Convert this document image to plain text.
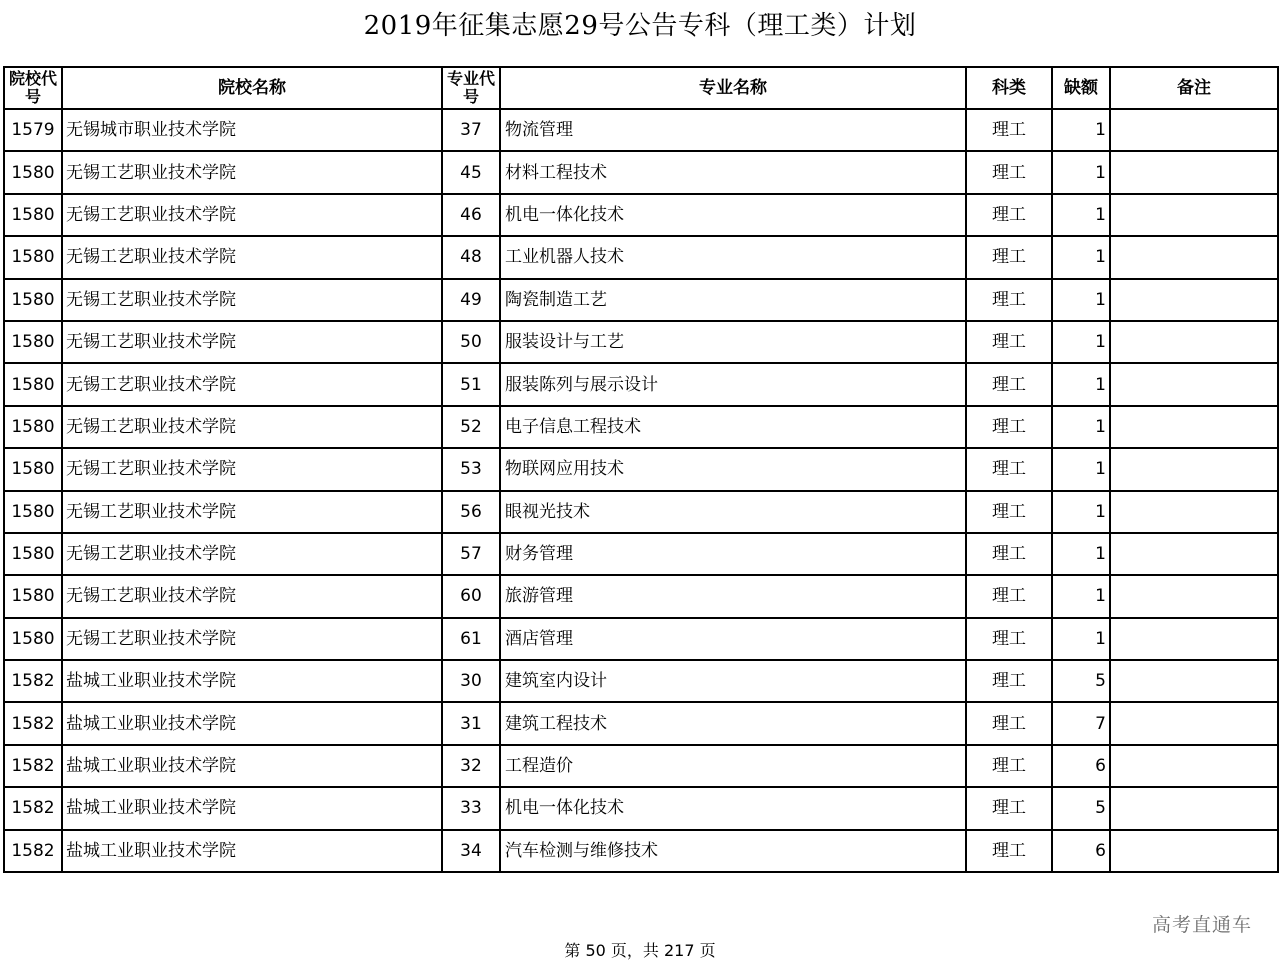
2019年征集志愿29号公告专科（理工类）计划
院校代号	院校名称	专业代号	专业名称	科类	缺额	备注
1579	无锡城市职业技术学院	37	物流管理	理工	1	
1580	无锡工艺职业技术学院	45	材料工程技术	理工	1	
1580	无锡工艺职业技术学院	46	机电一体化技术	理工	1	
1580	无锡工艺职业技术学院	48	工业机器人技术	理工	1	
1580	无锡工艺职业技术学院	49	陶瓷制造工艺	理工	1	
1580	无锡工艺职业技术学院	50	服装设计与工艺	理工	1	
1580	无锡工艺职业技术学院	51	服装陈列与展示设计	理工	1	
1580	无锡工艺职业技术学院	52	电子信息工程技术	理工	1	
1580	无锡工艺职业技术学院	53	物联网应用技术	理工	1	
1580	无锡工艺职业技术学院	56	眼视光技术	理工	1	
1580	无锡工艺职业技术学院	57	财务管理	理工	1	
1580	无锡工艺职业技术学院	60	旅游管理	理工	1	
1580	无锡工艺职业技术学院	61	酒店管理	理工	1	
1582	盐城工业职业技术学院	30	建筑室内设计	理工	5	
1582	盐城工业职业技术学院	31	建筑工程技术	理工	7	
1582	盐城工业职业技术学院	32	工程造价	理工	6	
1582	盐城工业职业技术学院	33	机电一体化技术	理工	5	
1582	盐城工业职业技术学院	34	汽车检测与维修技术	理工	6	
高考直通车
第 50 页，共 217 页
